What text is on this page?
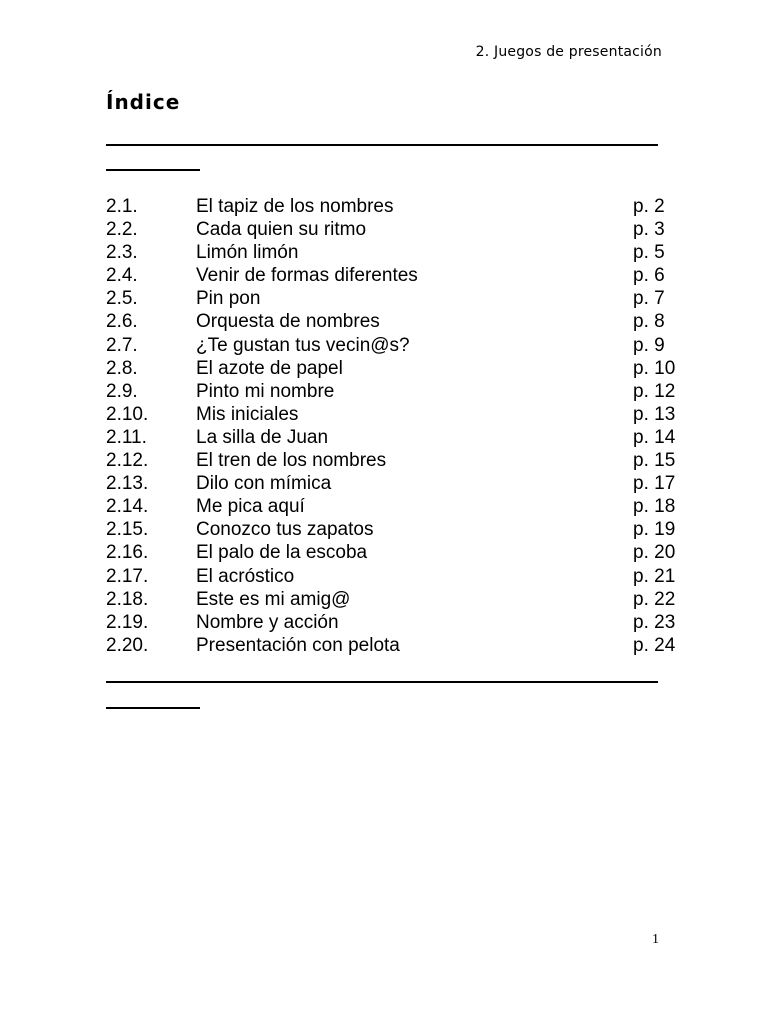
2. Juegos de presentación
Índice
2.1.	El tapiz de los nombres	p. 2
2.2.	Cada quien su ritmo	p. 3
2.3.	Limón limón	p. 5
2.4.	Venir de formas diferentes	p. 6
2.5.	Pin pon	p. 7
2.6.	Orquesta de nombres	p. 8
2.7.	¿Te gustan tus vecin@s?	p. 9
2.8.	El azote de papel	p. 10
2.9.	Pinto mi nombre	p. 12
2.10.	Mis iniciales	p. 13
2.11.	La silla de Juan	p. 14
2.12.	El tren de los nombres	p. 15
2.13.	Dilo con mímica	p. 17
2.14.	Me pica aquí	p. 18
2.15.	Conozco tus zapatos	p. 19
2.16.	El palo de la escoba	p. 20
2.17.	El acróstico	p. 21
2.18.	Este es mi amig@	p. 22
2.19.	Nombre y acción	p. 23
2.20.	Presentación con pelota	p. 24
1
